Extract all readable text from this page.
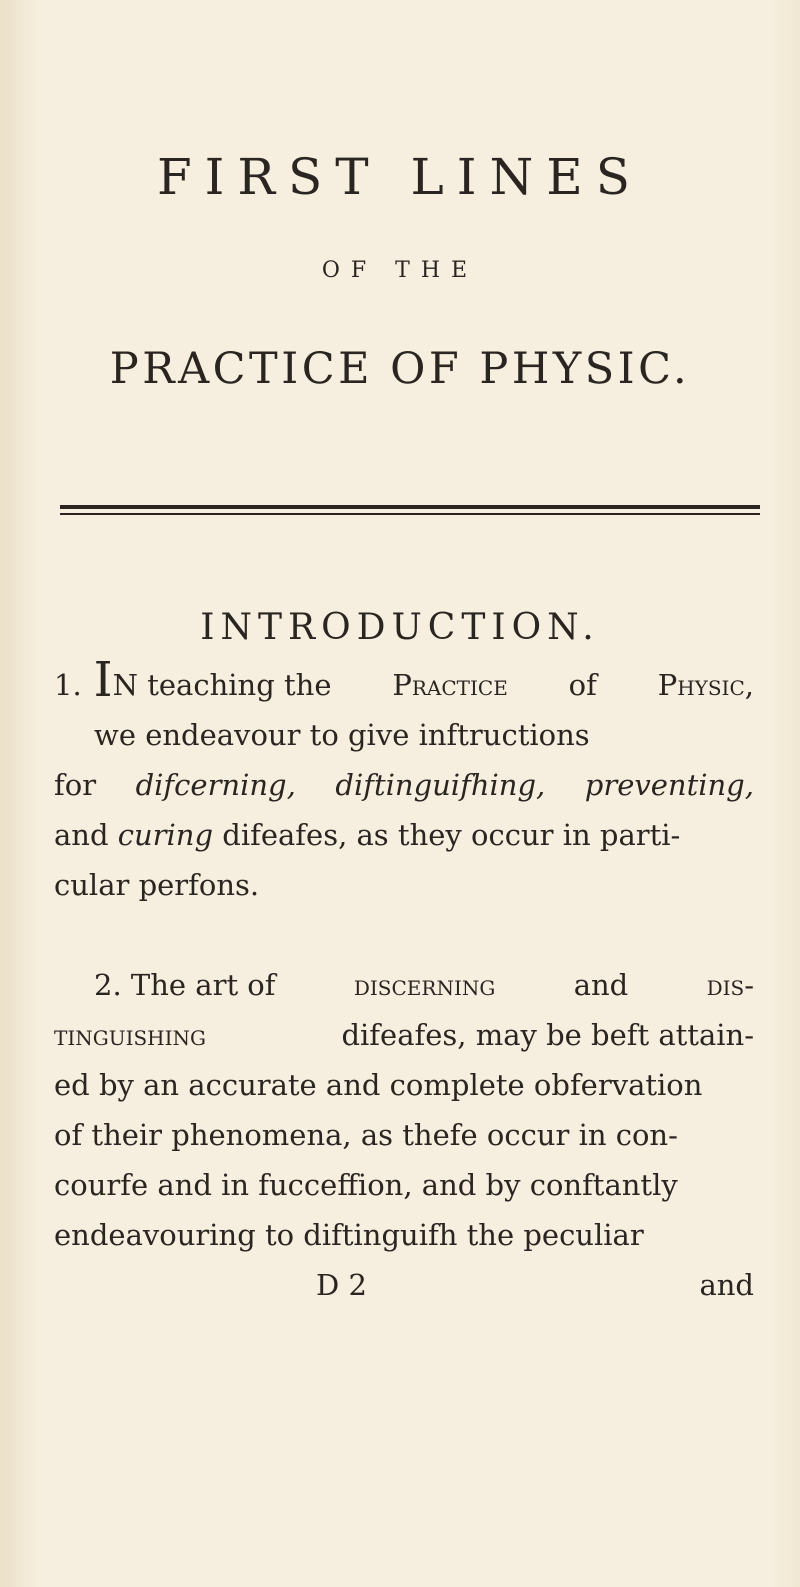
FIRST LINES
OF THE
PRACTICE OF PHYSIC.
INTRODUCTION.
1. IN teaching the Practice of Physic,
we endeavour to give inftructions
for difcerning, diftinguifhing, preventing,
and curing difeafes, as they occur in parti-
cular perfons.
2. The art of	discerning	and	dis-
tinguishing	difeafes, may be beft attain-
ed by an accurate and complete obfervation
of their phenomena, as thefe occur in con-
courfe and in fucceffion, and by conftantly
endeavouring to diftinguifh the peculiar
D 2	and
